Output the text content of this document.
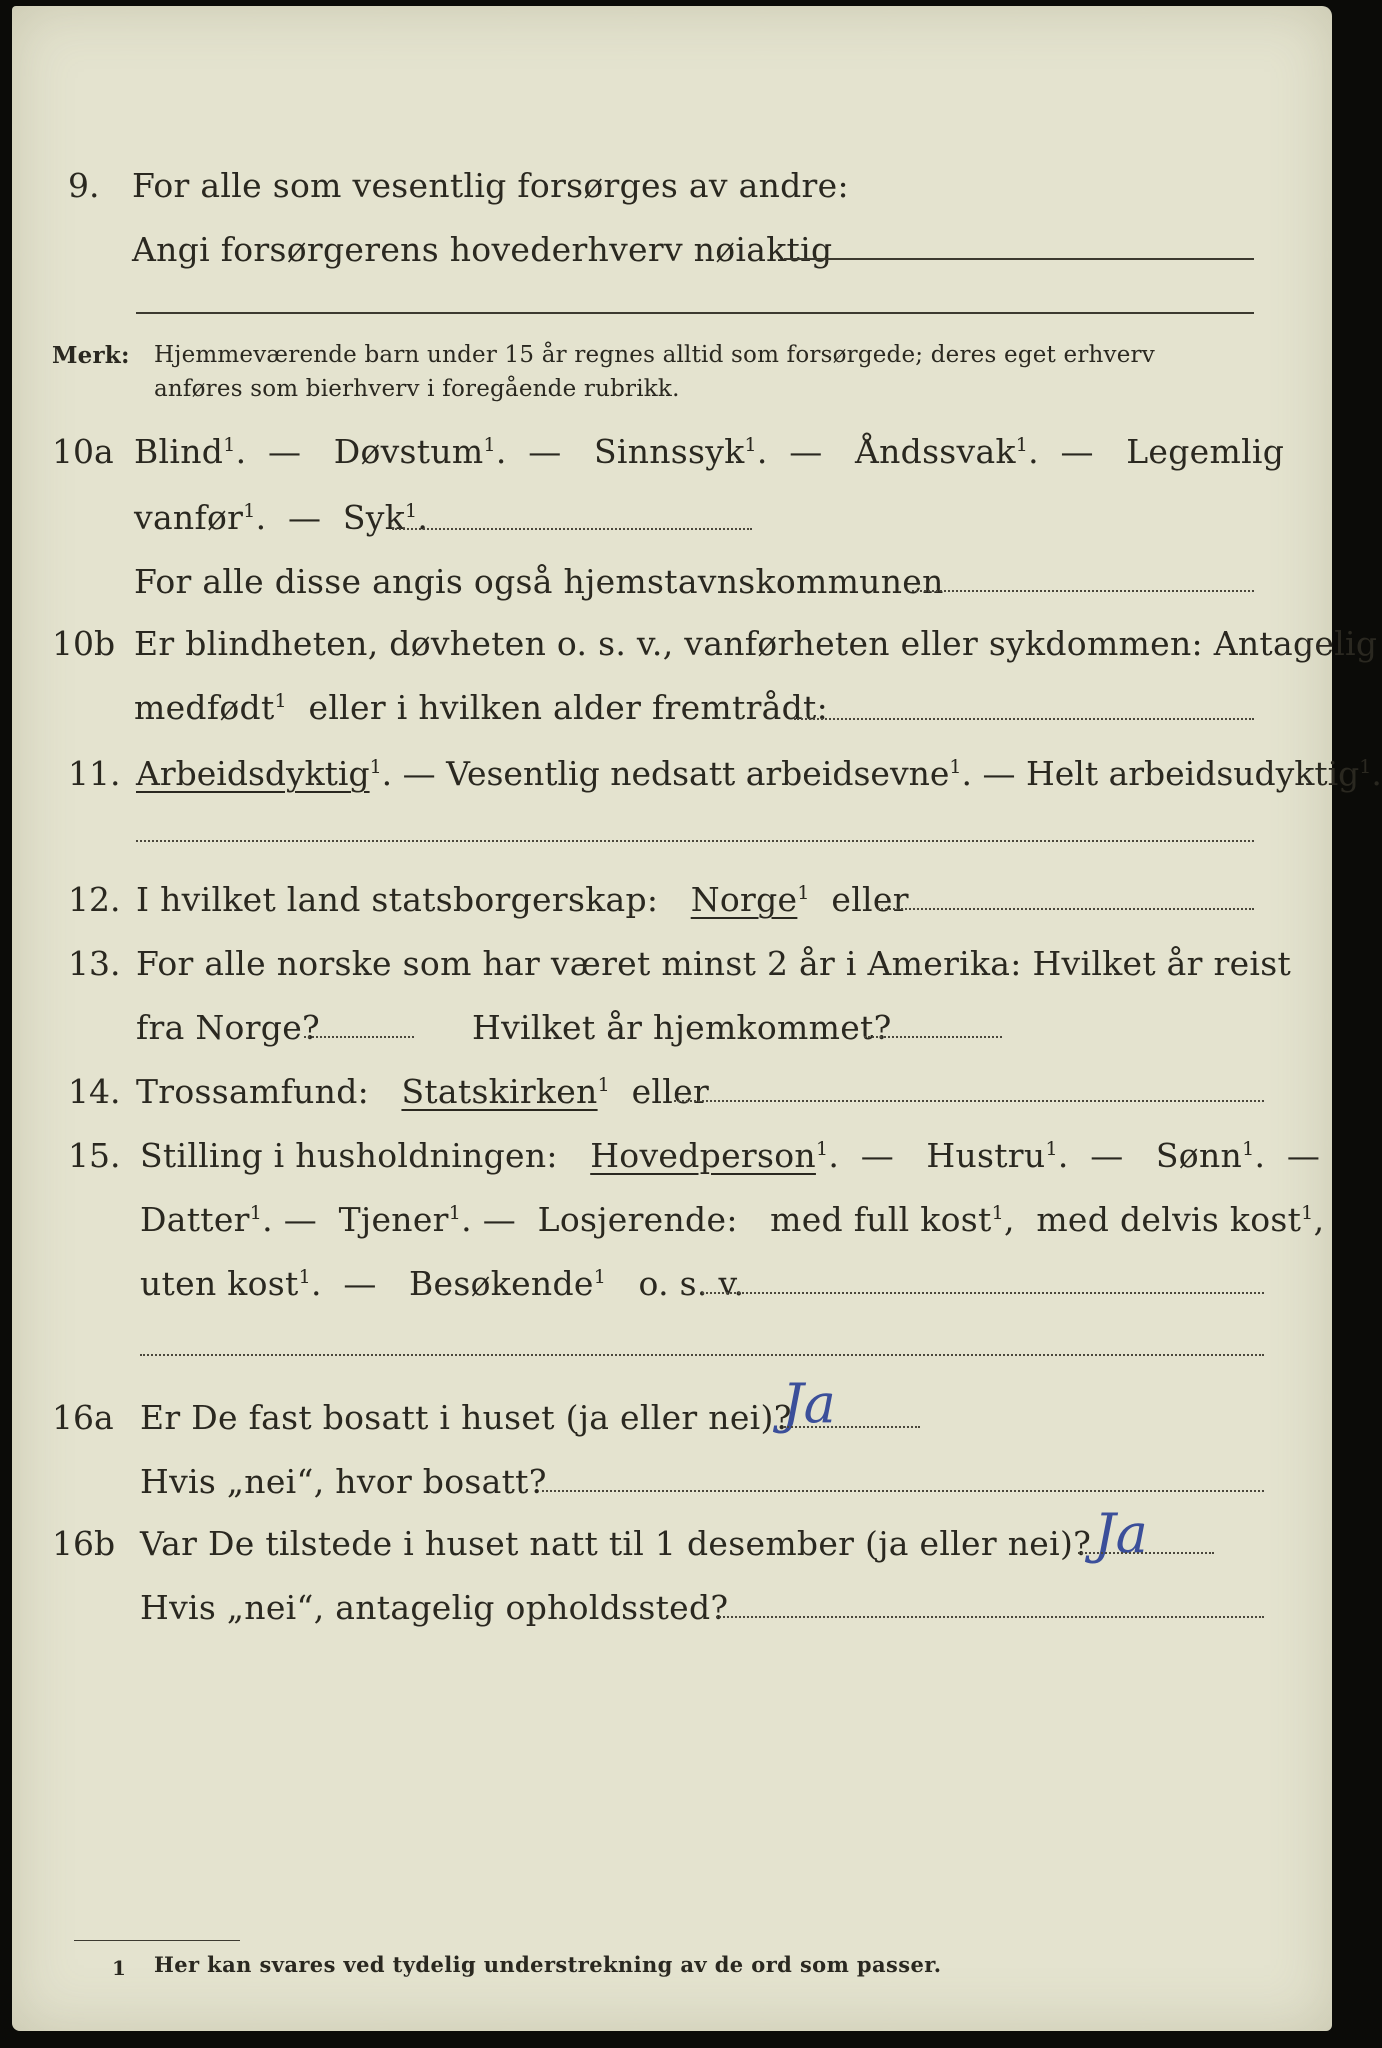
9. For alle som vesentlig forsørges av andre:
Angi forsørgerens hovederhverv nøiaktig
Merk: Hjemmeværende barn under 15 år regnes alltid som forsørgede; deres eget erhverv
anføres som bierhverv i foregående rubrikk.
10a Blind$^1$.  —   Døvstum$^1$.  —   Sinnssyk$^1$.  —   Åndssvak$^1$.  —   Legemlig
vanfør$^1$.  —  Syk$^1$.
For alle disse angis også hjemstavnskommunen
10b Er blindheten, døvheten o. s. v., vanførheten eller sykdommen: Antagelig
medfødt$^1$ eller i hvilken alder fremtrådt:
11. Arbeidsdyktig$^1$. — Vesentlig nedsatt arbeidsevne$^1$. — Helt arbeidsudyktig$^1$.
12. I hvilket land statsborgerskap: Norge$^1$ eller
13. For alle norske som har været minst 2 år i Amerika: Hvilket år reist
fra Norge?	Hvilket år hjemkommet?
14. Trossamfund: Statskirken$^1$ eller
15. Stilling i husholdningen: Hovedperson$^1$.  —   Hustru$^1$.  —   Sønn$^1$.  —
Datter$^1$. —  Tjener$^1$. —  Losjerende: med full kost$^1$,  med delvis kost$^1$,
uten kost$^1$.  —   Besøkende$^1$ o. s. v.
16a Er De fast bosatt i huset (ja eller nei)?
Ja
Hvis „nei“, hvor bosatt?
16b Var De tilstede i huset natt til 1 desember (ja eller nei)? Ja
Hvis „nei“, antagelig opholdssted?
1 Her kan svares ved tydelig understrekning av de ord som passer.
